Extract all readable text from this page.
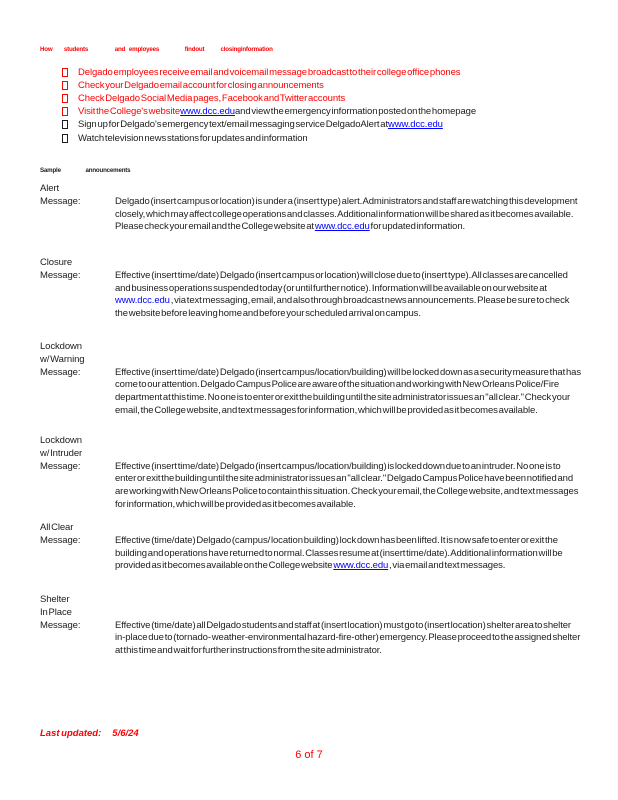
How students	and employees	findout closinginformation
Delgado employees receive email and voicemail message broadcast to their college office phones
Check your Delgado email account for closing announcements
Check Delgado Social Media pages, Facebook and Twitter accounts
Visit the College's website www.dcc.edu and view the emergency information posted on the homepage
Sign up for Delgado's emergency text/email messaging service DelgadoAlert at www.dcc.edu
Watch television news stations for updates and information
Sample	announcements
Alert
Message:	Delgado (insert campus or location) is under a (insert type) alert. Administrators and staff are watching this development closely, which may affect college operations and classes. Additional information will be shared as it becomes available. Please check your email and the College website at www.dcc.edu for updated information.
Closure
Message:	Effective (insert time/date) Delgado (insert campus or location) will close due to (insert type). All classes are cancelled and business operations suspended today (or until further notice). Information will be available on our website at www.dcc.edu , via text messaging, email, and also through broadcast news announcements. Please be sure to check the website before leaving home and before your scheduled arrival on campus.
Lockdown
w/ Warning
Message:	Effective (insert time/date) Delgado (insert campus/location/building) will be locked down as a security measure that has come to our attention. Delgado Campus Police are aware of the situation and working with New Orleans Police/Fire department at this time. No one is to enter or exit the building until the site administrator issues an "all clear." Check your email, the College website, and text messages for information, which will be provided as it becomes available.
Lockdown
w/ Intruder
Message:	Effective (insert time/date) Delgado (insert campus/location/building) is locked down due to an intruder. No one is to enter or exit the building until the site administrator issues an "all clear." Delgado Campus Police have been notified and are working with New Orleans Police to contain this situation. Check your email, the College website, and text messages for information, which will be provided as it becomes available.
All Clear
Message:	Effective (time/date) Delgado (campus/ location building) lock down has been lifted. It is now safe to enter or exit the building and operations have returned to normal. Classes resume at (insert time/date). Additional information will be provided as it becomes available on the College website www.dcc.edu , via email and text messages.
Shelter
In Place
Message:	Effective (time/date) all Delgado students and staff at (insert location) must go to (insert location) shelter area to shelter in-place due to (tornado- weather-environmental hazard-fire-other) emergency. Please proceed to the assigned shelter at this time and wait for further instructions from the site administrator.
Last updated: 5/6/24
6 of 7
